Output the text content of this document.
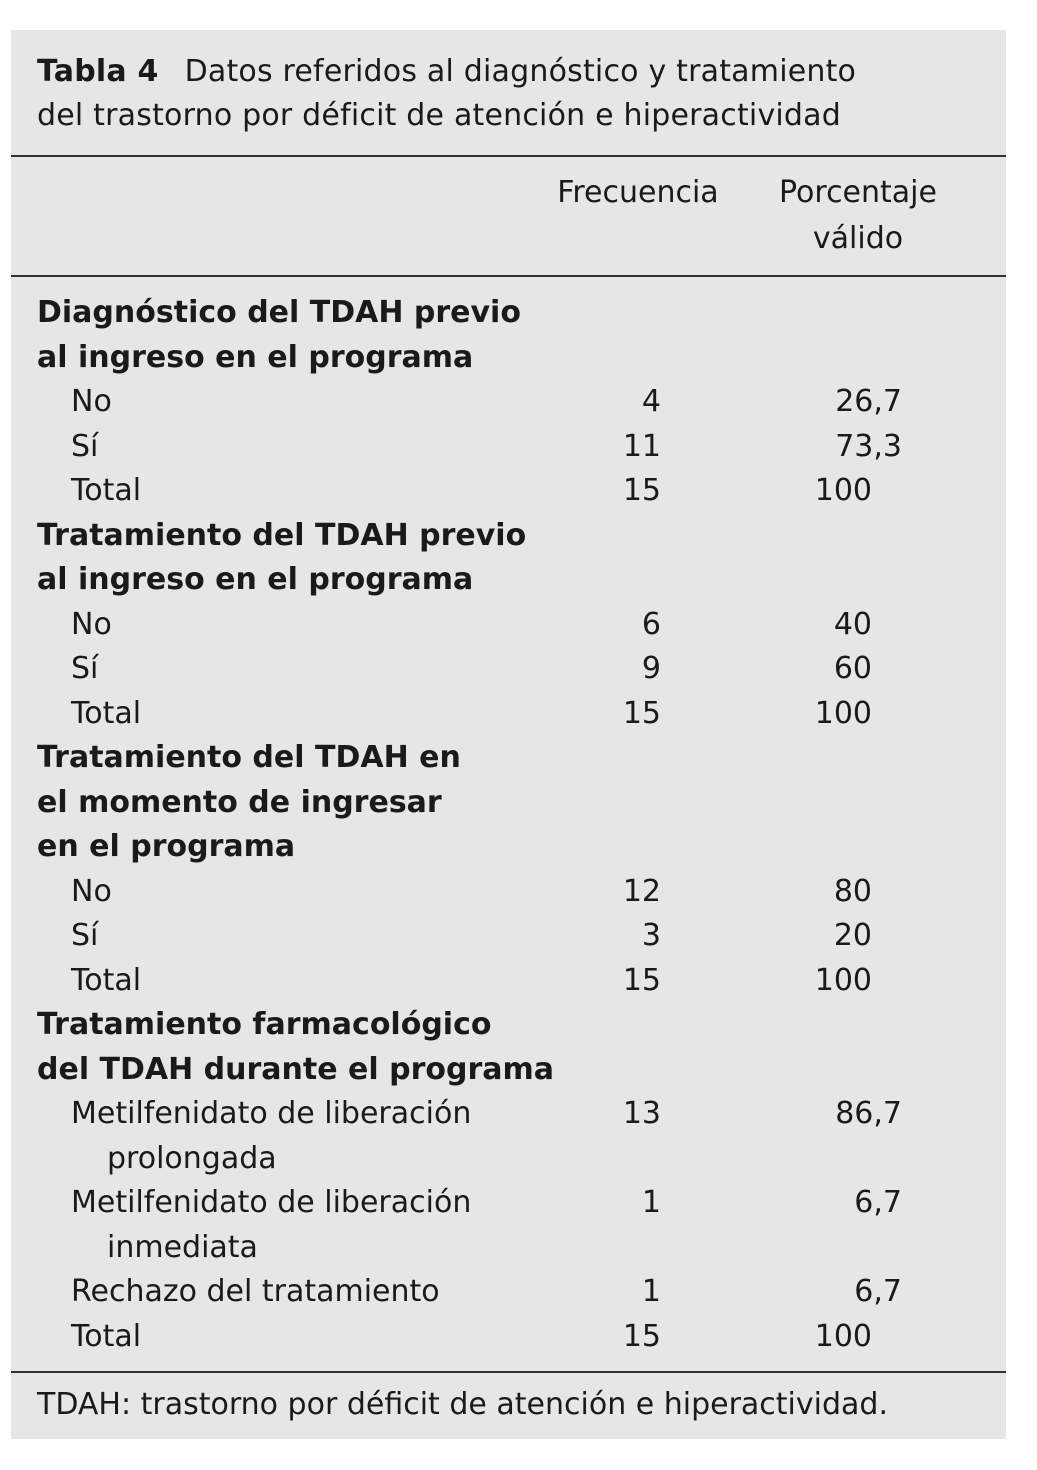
Tabla 4 Datos referidos al diagnóstico y tratamiento
del trastorno por déficit de atención e hiperactividad
Frecuencia	Porcentaje
válido
Diagnóstico del TDAH previo
al ingreso en el programa
No	4	26,7
Sí	11	73,3
Total	15	100
Tratamiento del TDAH previo
al ingreso en el programa
No	6	40
Sí	9	60
Total	15	100
Tratamiento del TDAH en
el momento de ingresar
en el programa
No	12	80
Sí	3	20
Total	15	100
Tratamiento farmacológico
del TDAH durante el programa
Metilfenidato de liberación	13	86,7
prolongada
Metilfenidato de liberación	1	6,7
inmediata
Rechazo del tratamiento	1	6,7
Total	15	100
TDAH: trastorno por déficit de atención e hiperactividad.
